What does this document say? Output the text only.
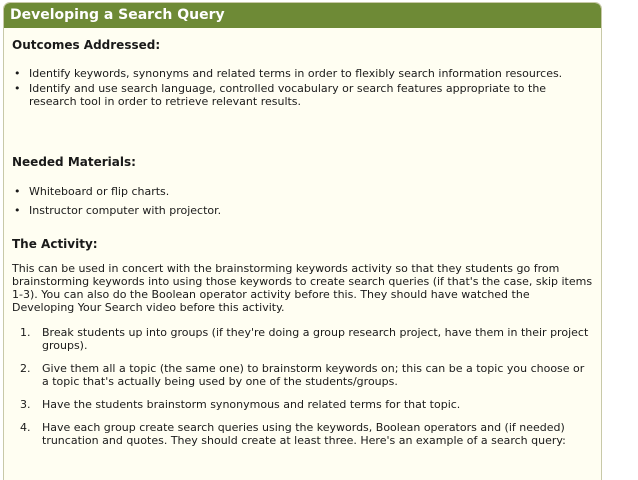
Developing a Search Query
Outcomes Addressed:
• Identify keywords, synonyms and related terms in order to flexibly search information resources.
• Identify and use search language, controlled vocabulary or search features appropriate to the research tool in order to retrieve relevant results.
Needed Materials:
• Whiteboard or flip charts.
• Instructor computer with projector.
The Activity:

This can be used in concert with the brainstorming keywords activity so that they students go from brainstorming keywords into using those keywords to create search queries (if that's the case, skip items 1-3). You can also do the Boolean operator activity before this. They should have watched the Developing Your Search video before this activity.

1. Break students up into groups (if they're doing a group research project, have them in their project groups).
2. Give them all a topic (the same one) to brainstorm keywords on; this can be a topic you choose or a topic that's actually being used by one of the students/groups.
3. Have the students brainstorm synonymous and related terms for that topic.
4. Have each group create search queries using the keywords, Boolean operators and (if needed) truncation and quotes. They should create at least three. Here's an example of a search query:
